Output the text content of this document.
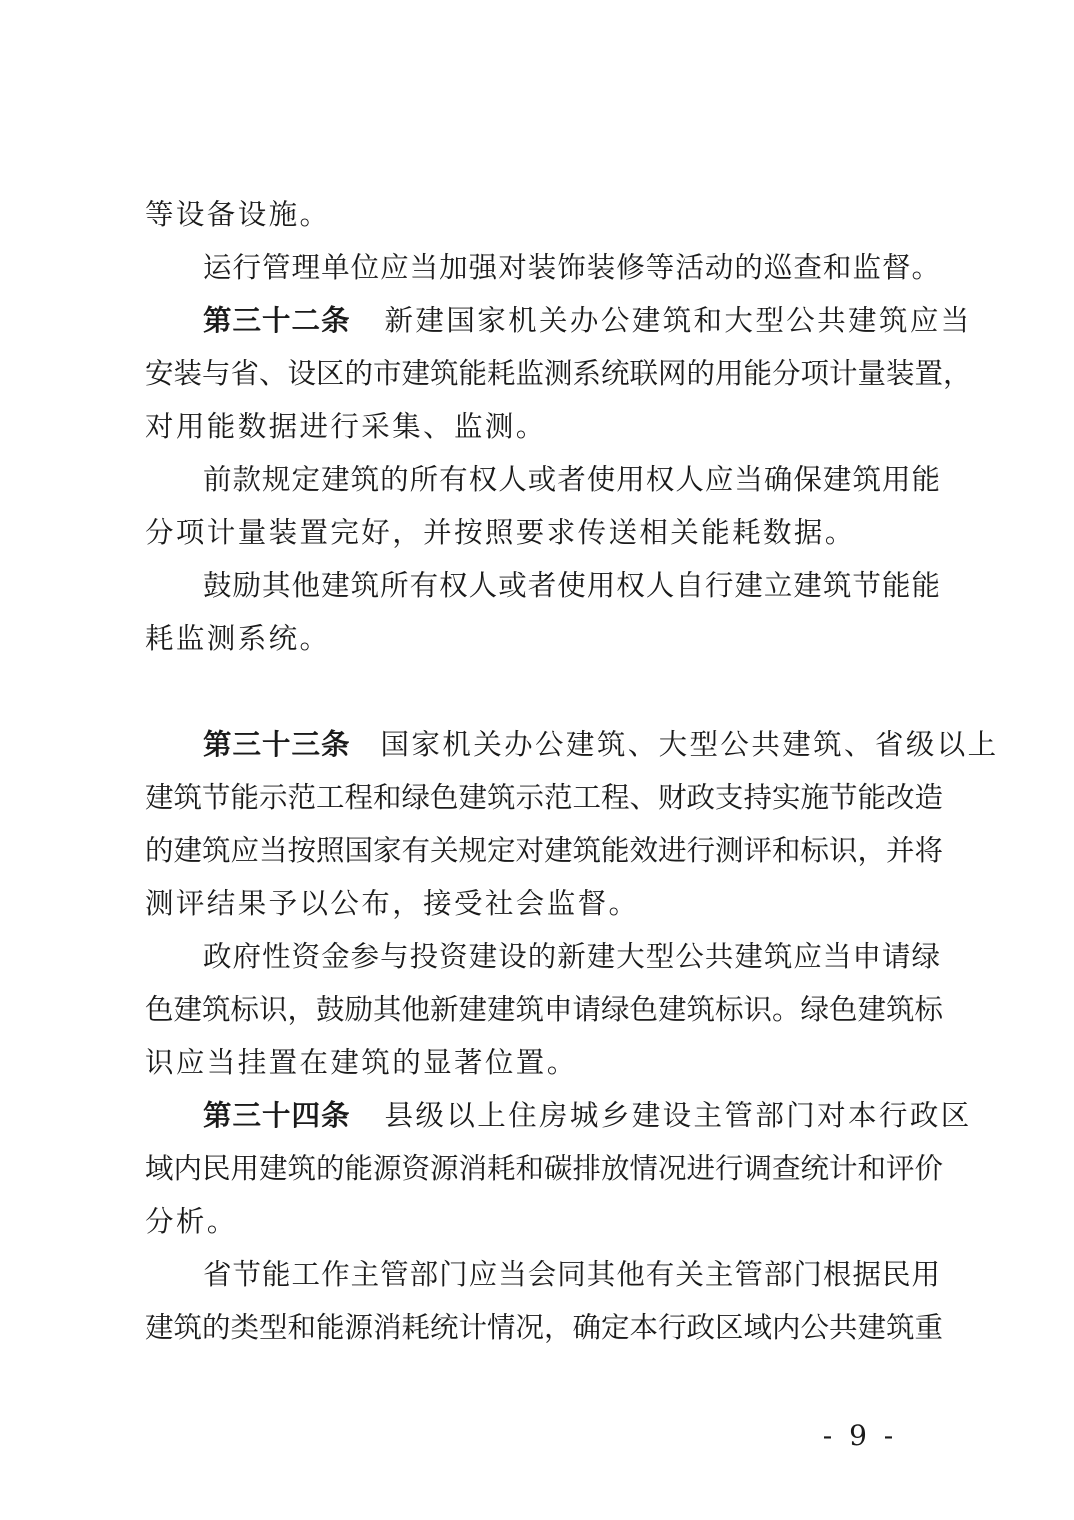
等设备设施。
运行管理单位应当加强对装饰装修等活动的巡查和监督。
第三十二条 新建国家机关办公建筑和大型公共建筑应当
安装与省、设区的市建筑能耗监测系统联网的用能分项计量装置，
对用能数据进行采集、监测。
前款规定建筑的所有权人或者使用权人应当确保建筑用能
分项计量装置完好，并按照要求传送相关能耗数据。
鼓励其他建筑所有权人或者使用权人自行建立建筑节能能
耗监测系统。
第三十三条 国家机关办公建筑、大型公共建筑、省级以上
建筑节能示范工程和绿色建筑示范工程、财政支持实施节能改造
的建筑应当按照国家有关规定对建筑能效进行测评和标识，并将
测评结果予以公布，接受社会监督。
政府性资金参与投资建设的新建大型公共建筑应当申请绿
色建筑标识，鼓励其他新建建筑申请绿色建筑标识。绿色建筑标
识应当挂置在建筑的显著位置。
第三十四条 县级以上住房城乡建设主管部门对本行政区
域内民用建筑的能源资源消耗和碳排放情况进行调查统计和评价
分析。
省节能工作主管部门应当会同其他有关主管部门根据民用
建筑的类型和能源消耗统计情况，确定本行政区域内公共建筑重
- 9 -
